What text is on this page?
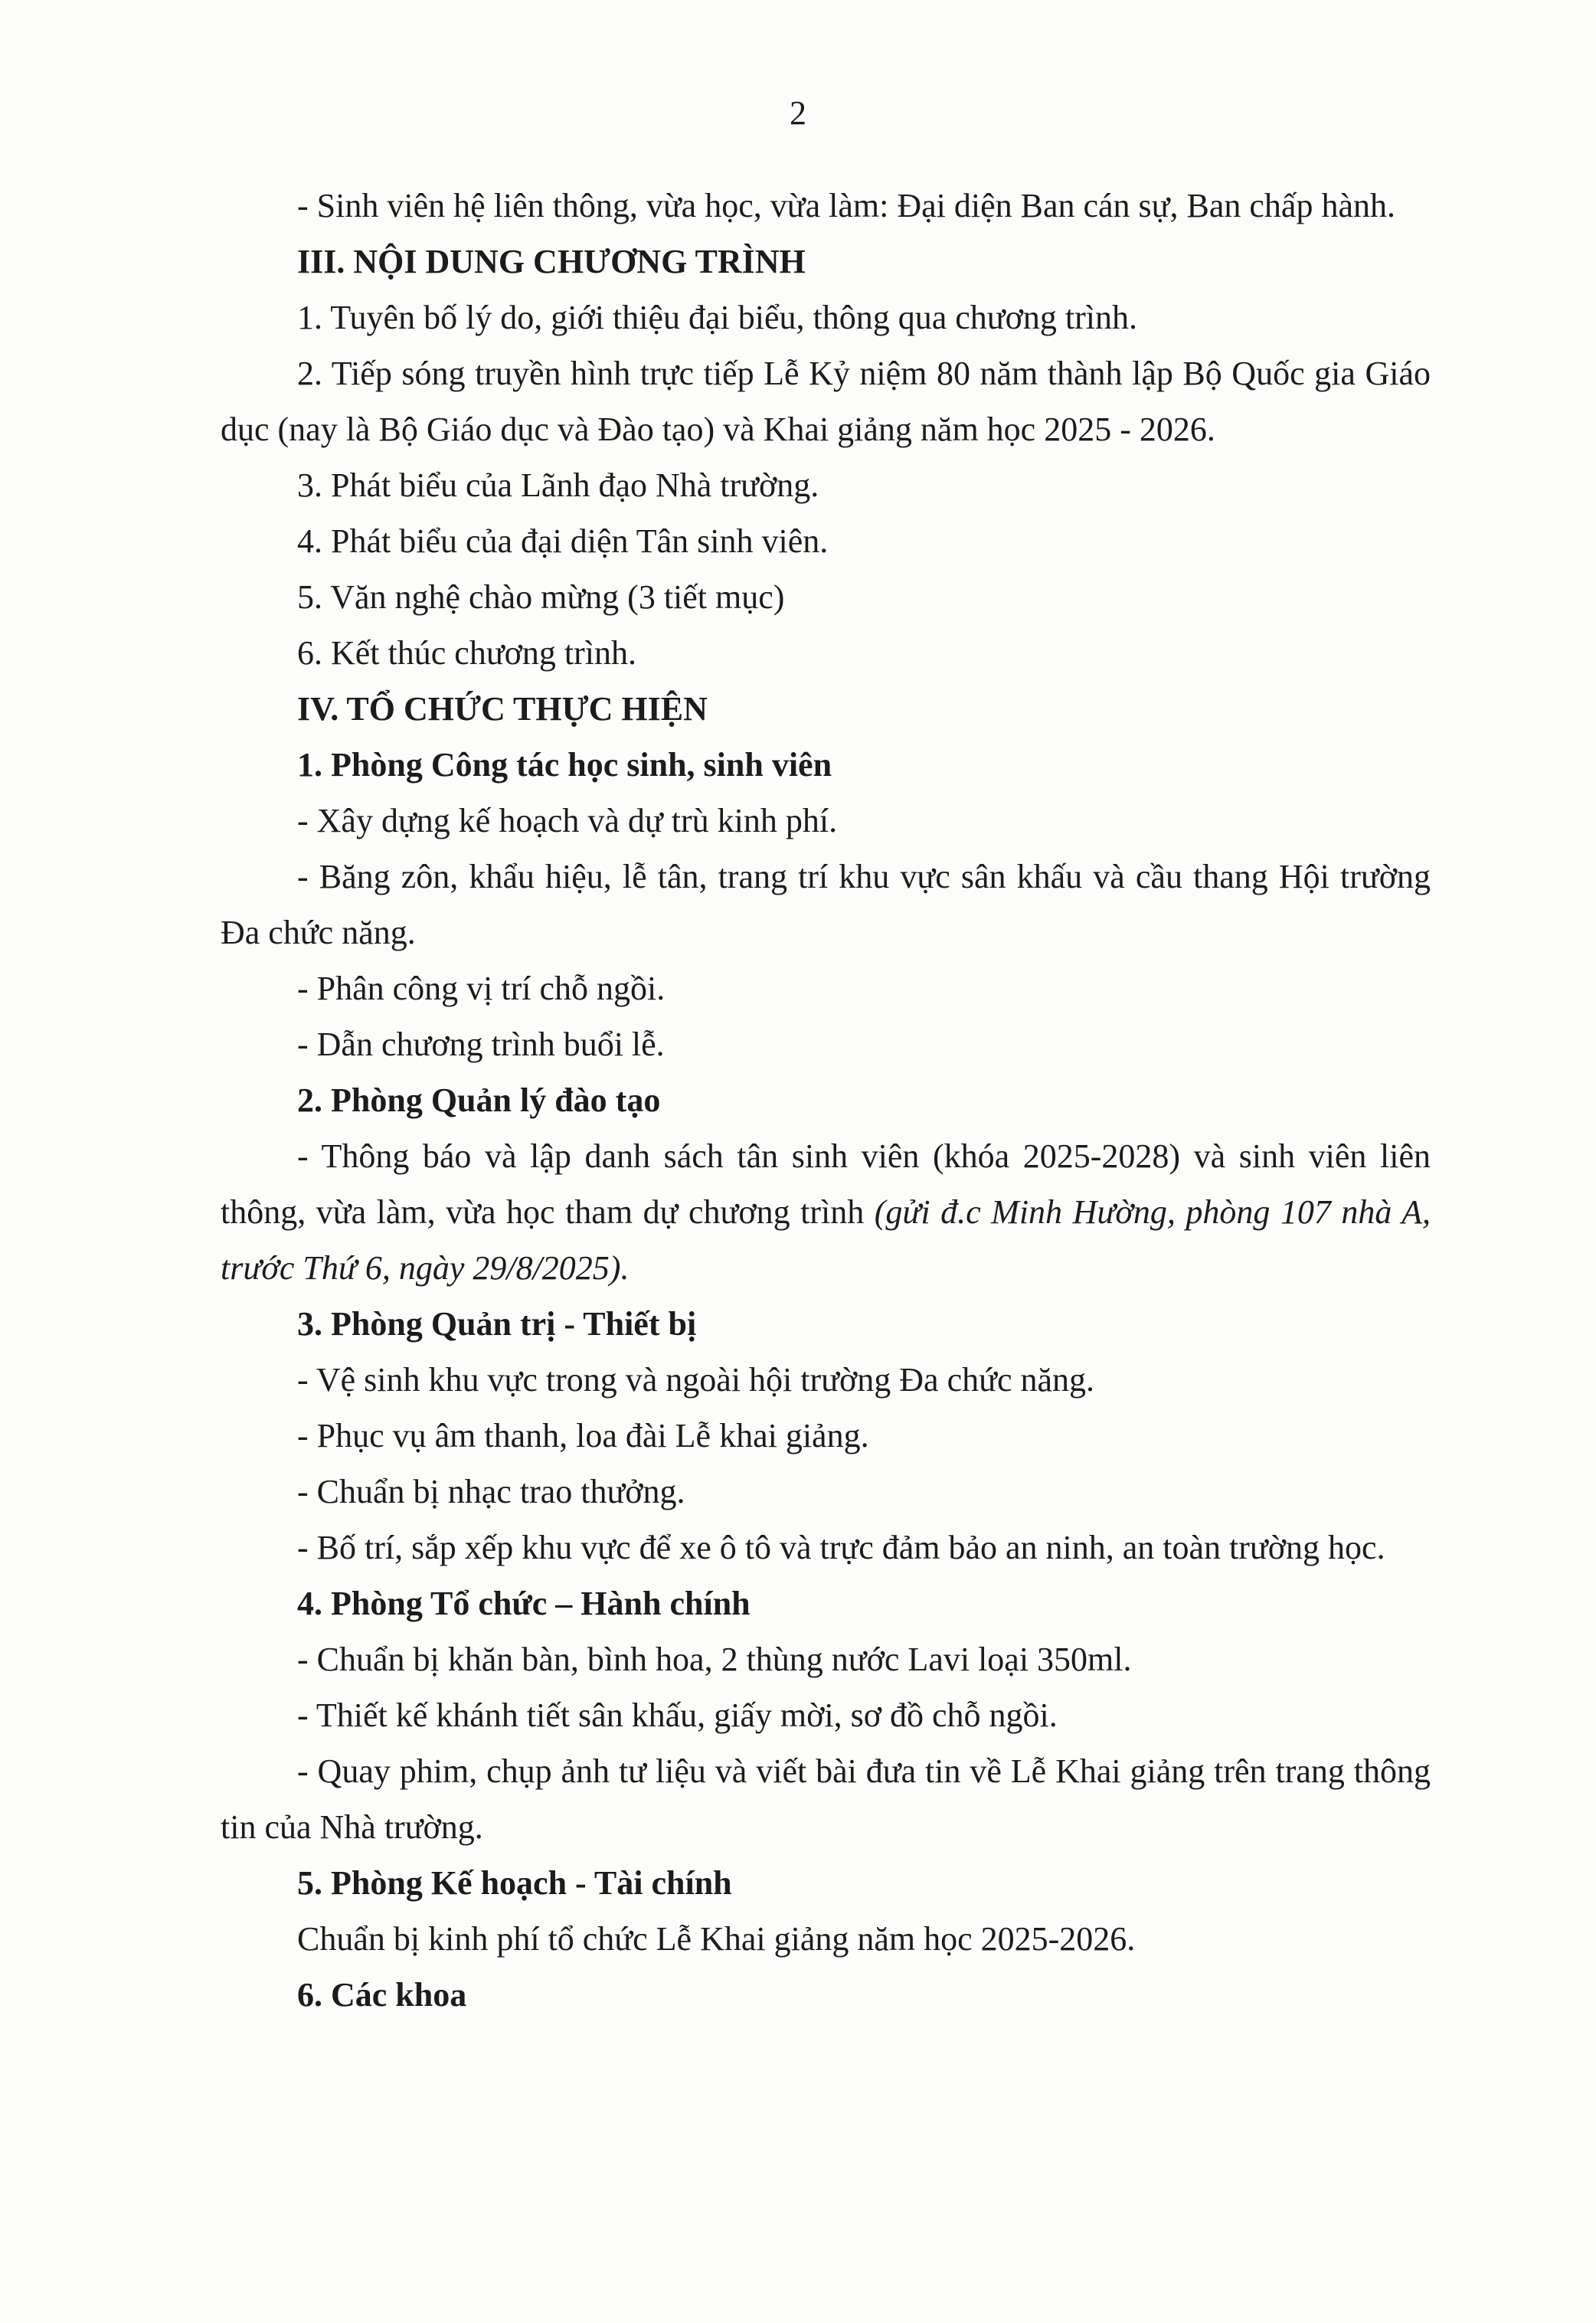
2

- Sinh viên hệ liên thông, vừa học, vừa làm: Đại diện Ban cán sự, Ban chấp hành.

III. NỘI DUNG CHƯƠNG TRÌNH

1. Tuyên bố lý do, giới thiệu đại biểu, thông qua chương trình.

2. Tiếp sóng truyền hình trực tiếp Lễ Kỷ niệm 80 năm thành lập Bộ Quốc gia Giáo dục (nay là Bộ Giáo dục và Đào tạo) và Khai giảng năm học 2025 - 2026.

3. Phát biểu của Lãnh đạo Nhà trường.

4. Phát biểu của đại diện Tân sinh viên.

5. Văn nghệ chào mừng (3 tiết mục)

6. Kết thúc chương trình.

IV. TỔ CHỨC THỰC HIỆN

1. Phòng Công tác học sinh, sinh viên

- Xây dựng kế hoạch và dự trù kinh phí.

- Băng zôn, khẩu hiệu, lễ tân, trang trí khu vực sân khấu và cầu thang Hội trường Đa chức năng.

- Phân công vị trí chỗ ngồi.

- Dẫn chương trình buổi lễ.

2. Phòng Quản lý đào tạo

- Thông báo và lập danh sách tân sinh viên (khóa 2025-2028) và sinh viên liên thông, vừa làm, vừa học tham dự chương trình (gửi đ.c Minh Hường, phòng 107 nhà A, trước Thứ 6, ngày 29/8/2025).

3. Phòng Quản trị - Thiết bị

- Vệ sinh khu vực trong và ngoài hội trường Đa chức năng.

- Phục vụ âm thanh, loa đài Lễ khai giảng.

- Chuẩn bị nhạc trao thưởng.

- Bố trí, sắp xếp khu vực để xe ô tô và trực đảm bảo an ninh, an toàn trường học.

4. Phòng Tổ chức – Hành chính

- Chuẩn bị khăn bàn, bình hoa, 2 thùng nước Lavi loại 350ml.

- Thiết kế khánh tiết sân khấu, giấy mời, sơ đồ chỗ ngồi.

- Quay phim, chụp ảnh tư liệu và viết bài đưa tin về Lễ Khai giảng trên trang thông tin của Nhà trường.

5. Phòng Kế hoạch - Tài chính

Chuẩn bị kinh phí tổ chức Lễ Khai giảng năm học 2025-2026.

6. Các khoa
